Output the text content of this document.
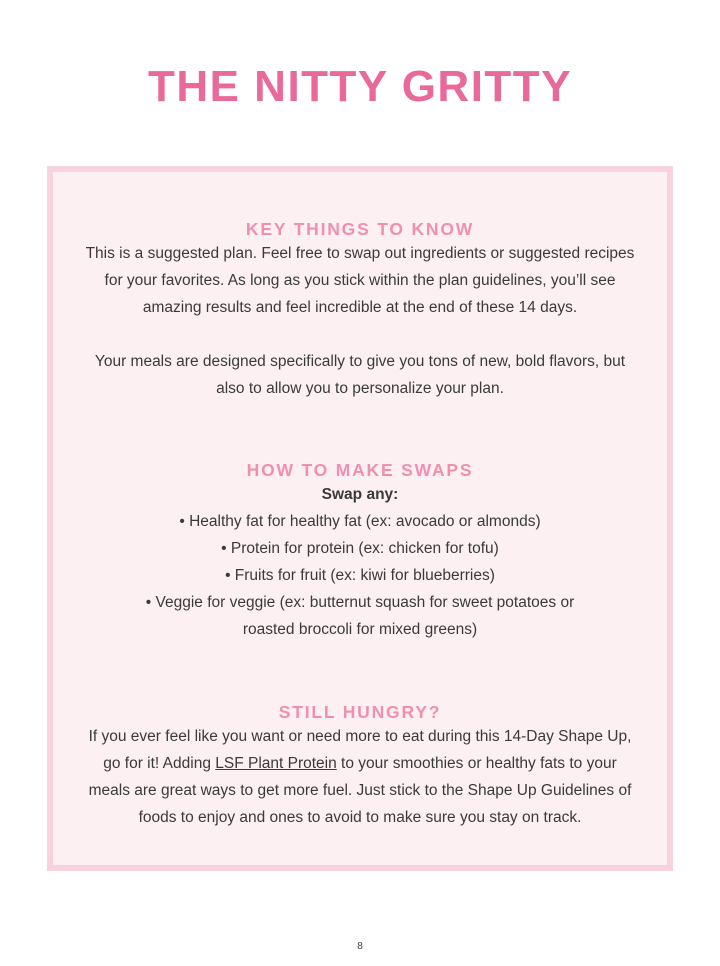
THE NITTY GRITTY
KEY THINGS TO KNOW

This is a suggested plan. Feel free to swap out ingredients or suggested recipes
for your favorites. As long as you stick within the plan guidelines, you’ll see
amazing results and feel incredible at the end of these 14 days.

Your meals are designed specifically to give you tons of new, bold flavors, but
also to allow you to personalize your plan.

HOW TO MAKE SWAPS

Swap any:
• Healthy fat for healthy fat (ex: avocado or almonds)
• Protein for protein (ex: chicken for tofu)
• Fruits for fruit (ex: kiwi for blueberries)
• Veggie for veggie (ex: butternut squash for sweet potatoes or
roasted broccoli for mixed greens)

STILL HUNGRY?

If you ever feel like you want or need more to eat during this 14-Day Shape Up,
go for it! Adding LSF Plant Protein to your smoothies or healthy fats to your
meals are great ways to get more fuel. Just stick to the Shape Up Guidelines of
foods to enjoy and ones to avoid to make sure you stay on track.

8
